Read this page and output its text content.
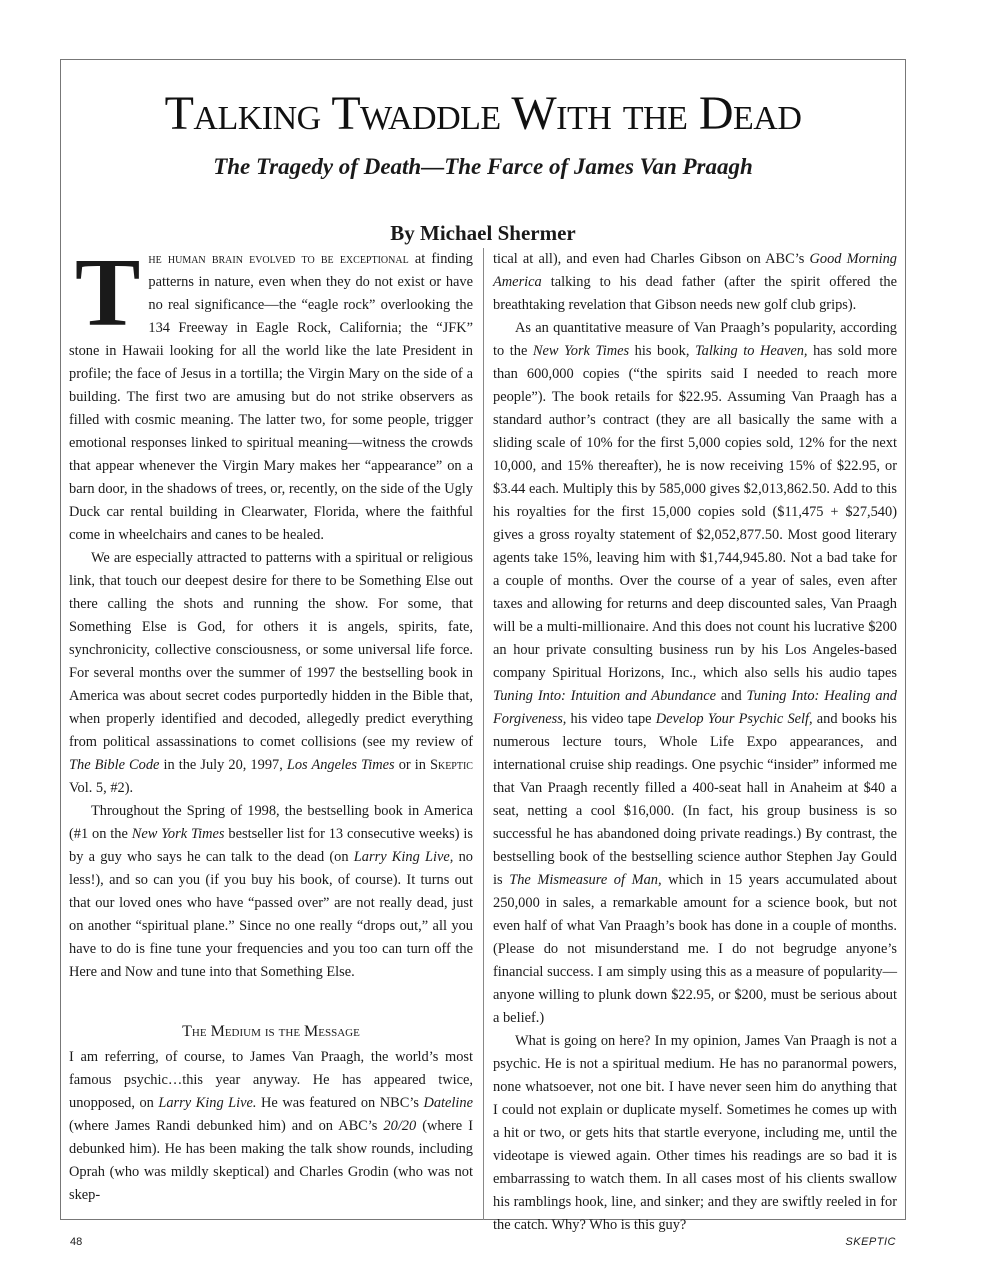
Talking Twaddle With the Dead
The Tragedy of Death—The Farce of James Van Praagh
By Michael Shermer

The human brain evolved to be exceptional at finding patterns in nature, even when they do not exist or have no real significance—the “eagle rock” overlooking the 134 Freeway in Eagle Rock, California; the “JFK” stone in Hawaii looking for all the world like the late President in profile; the face of Jesus in a tortilla; the Virgin Mary on the side of a building. The first two are amusing but do not strike observers as filled with cosmic meaning. The latter two, for some people, trigger emotional responses linked to spiritual meaning—witness the crowds that appear whenever the Virgin Mary makes her “appearance” on a barn door, in the shadows of trees, or, recently, on the side of the Ugly Duck car rental building in Clearwater, Florida, where the faithful come in wheelchairs and canes to be healed.

We are especially attracted to patterns with a spiritual or religious link, that touch our deepest desire for there to be Something Else out there calling the shots and running the show. For some, that Something Else is God, for others it is angels, spirits, fate, synchronicity, collective consciousness, or some universal life force. For several months over the summer of 1997 the bestselling book in America was about secret codes purportedly hidden in the Bible that, when properly identified and decoded, allegedly predict everything from political assassinations to comet collisions (see my review of The Bible Code in the July 20, 1997, Los Angeles Times or in Skeptic Vol. 5, #2).

Throughout the Spring of 1998, the bestselling book in America (#1 on the New York Times bestseller list for 13 consecutive weeks) is by a guy who says he can talk to the dead (on Larry King Live, no less!), and so can you (if you buy his book, of course). It turns out that our loved ones who have “passed over” are not really dead, just on another “spiritual plane.” Since no one really “drops out,” all you have to do is fine tune your frequencies and you too can turn off the Here and Now and tune into that Something Else.

The Medium is the Message

I am referring, of course, to James Van Praagh, the world’s most famous psychic…this year anyway. He has appeared twice, unopposed, on Larry King Live. He was featured on NBC’s Dateline (where James Randi debunked him) and on ABC’s 20/20 (where I debunked him). He has been making the talk show rounds, including Oprah (who was mildly skeptical) and Charles Grodin (who was not skep-

tical at all), and even had Charles Gibson on ABC’s Good Morning America talking to his dead father (after the spirit offered the breathtaking revelation that Gibson needs new golf club grips).

As an quantitative measure of Van Praagh’s popularity, according to the New York Times his book, Talking to Heaven, has sold more than 600,000 copies (“the spirits said I needed to reach more people”). The book retails for $22.95. Assuming Van Praagh has a standard author’s contract (they are all basically the same with a sliding scale of 10% for the first 5,000 copies sold, 12% for the next 10,000, and 15% thereafter), he is now receiving 15% of $22.95, or $3.44 each. Multiply this by 585,000 gives $2,013,862.50. Add to this his royalties for the first 15,000 copies sold ($11,475 + $27,540) gives a gross royalty statement of $2,052,877.50. Most good literary agents take 15%, leaving him with $1,744,945.80. Not a bad take for a couple of months. Over the course of a year of sales, even after taxes and allowing for returns and deep discounted sales, Van Praagh will be a multi-millionaire. And this does not count his lucrative $200 an hour private consulting business run by his Los Angeles-based company Spiritual Horizons, Inc., which also sells his audio tapes Tuning Into: Intuition and Abundance and Tuning Into: Healing and Forgiveness, his video tape Develop Your Psychic Self, and books his numerous lecture tours, Whole Life Expo appearances, and international cruise ship readings. One psychic “insider” informed me that Van Praagh recently filled a 400-seat hall in Anaheim at $40 a seat, netting a cool $16,000. (In fact, his group business is so successful he has abandoned doing private readings.) By contrast, the bestselling book of the bestselling science author Stephen Jay Gould is The Mismeasure of Man, which in 15 years accumulated about 250,000 in sales, a remarkable amount for a science book, but not even half of what Van Praagh’s book has done in a couple of months. (Please do not misunderstand me. I do not begrudge anyone’s financial success. I am simply using this as a measure of popularity—anyone willing to plunk down $22.95, or $200, must be serious about a belief.)

What is going on here? In my opinion, James Van Praagh is not a psychic. He is not a spiritual medium. He has no paranormal powers, none whatsoever, not one bit. I have never seen him do anything that I could not explain or duplicate myself. Sometimes he comes up with a hit or two, or gets hits that startle everyone, including me, until the videotape is viewed again. Other times his readings are so bad it is embarrassing to watch them. In all cases most of his clients swallow his ramblings hook, line, and sinker; and they are swiftly reeled in for the catch. Why? Who is this guy?

48	SKEPTIC
